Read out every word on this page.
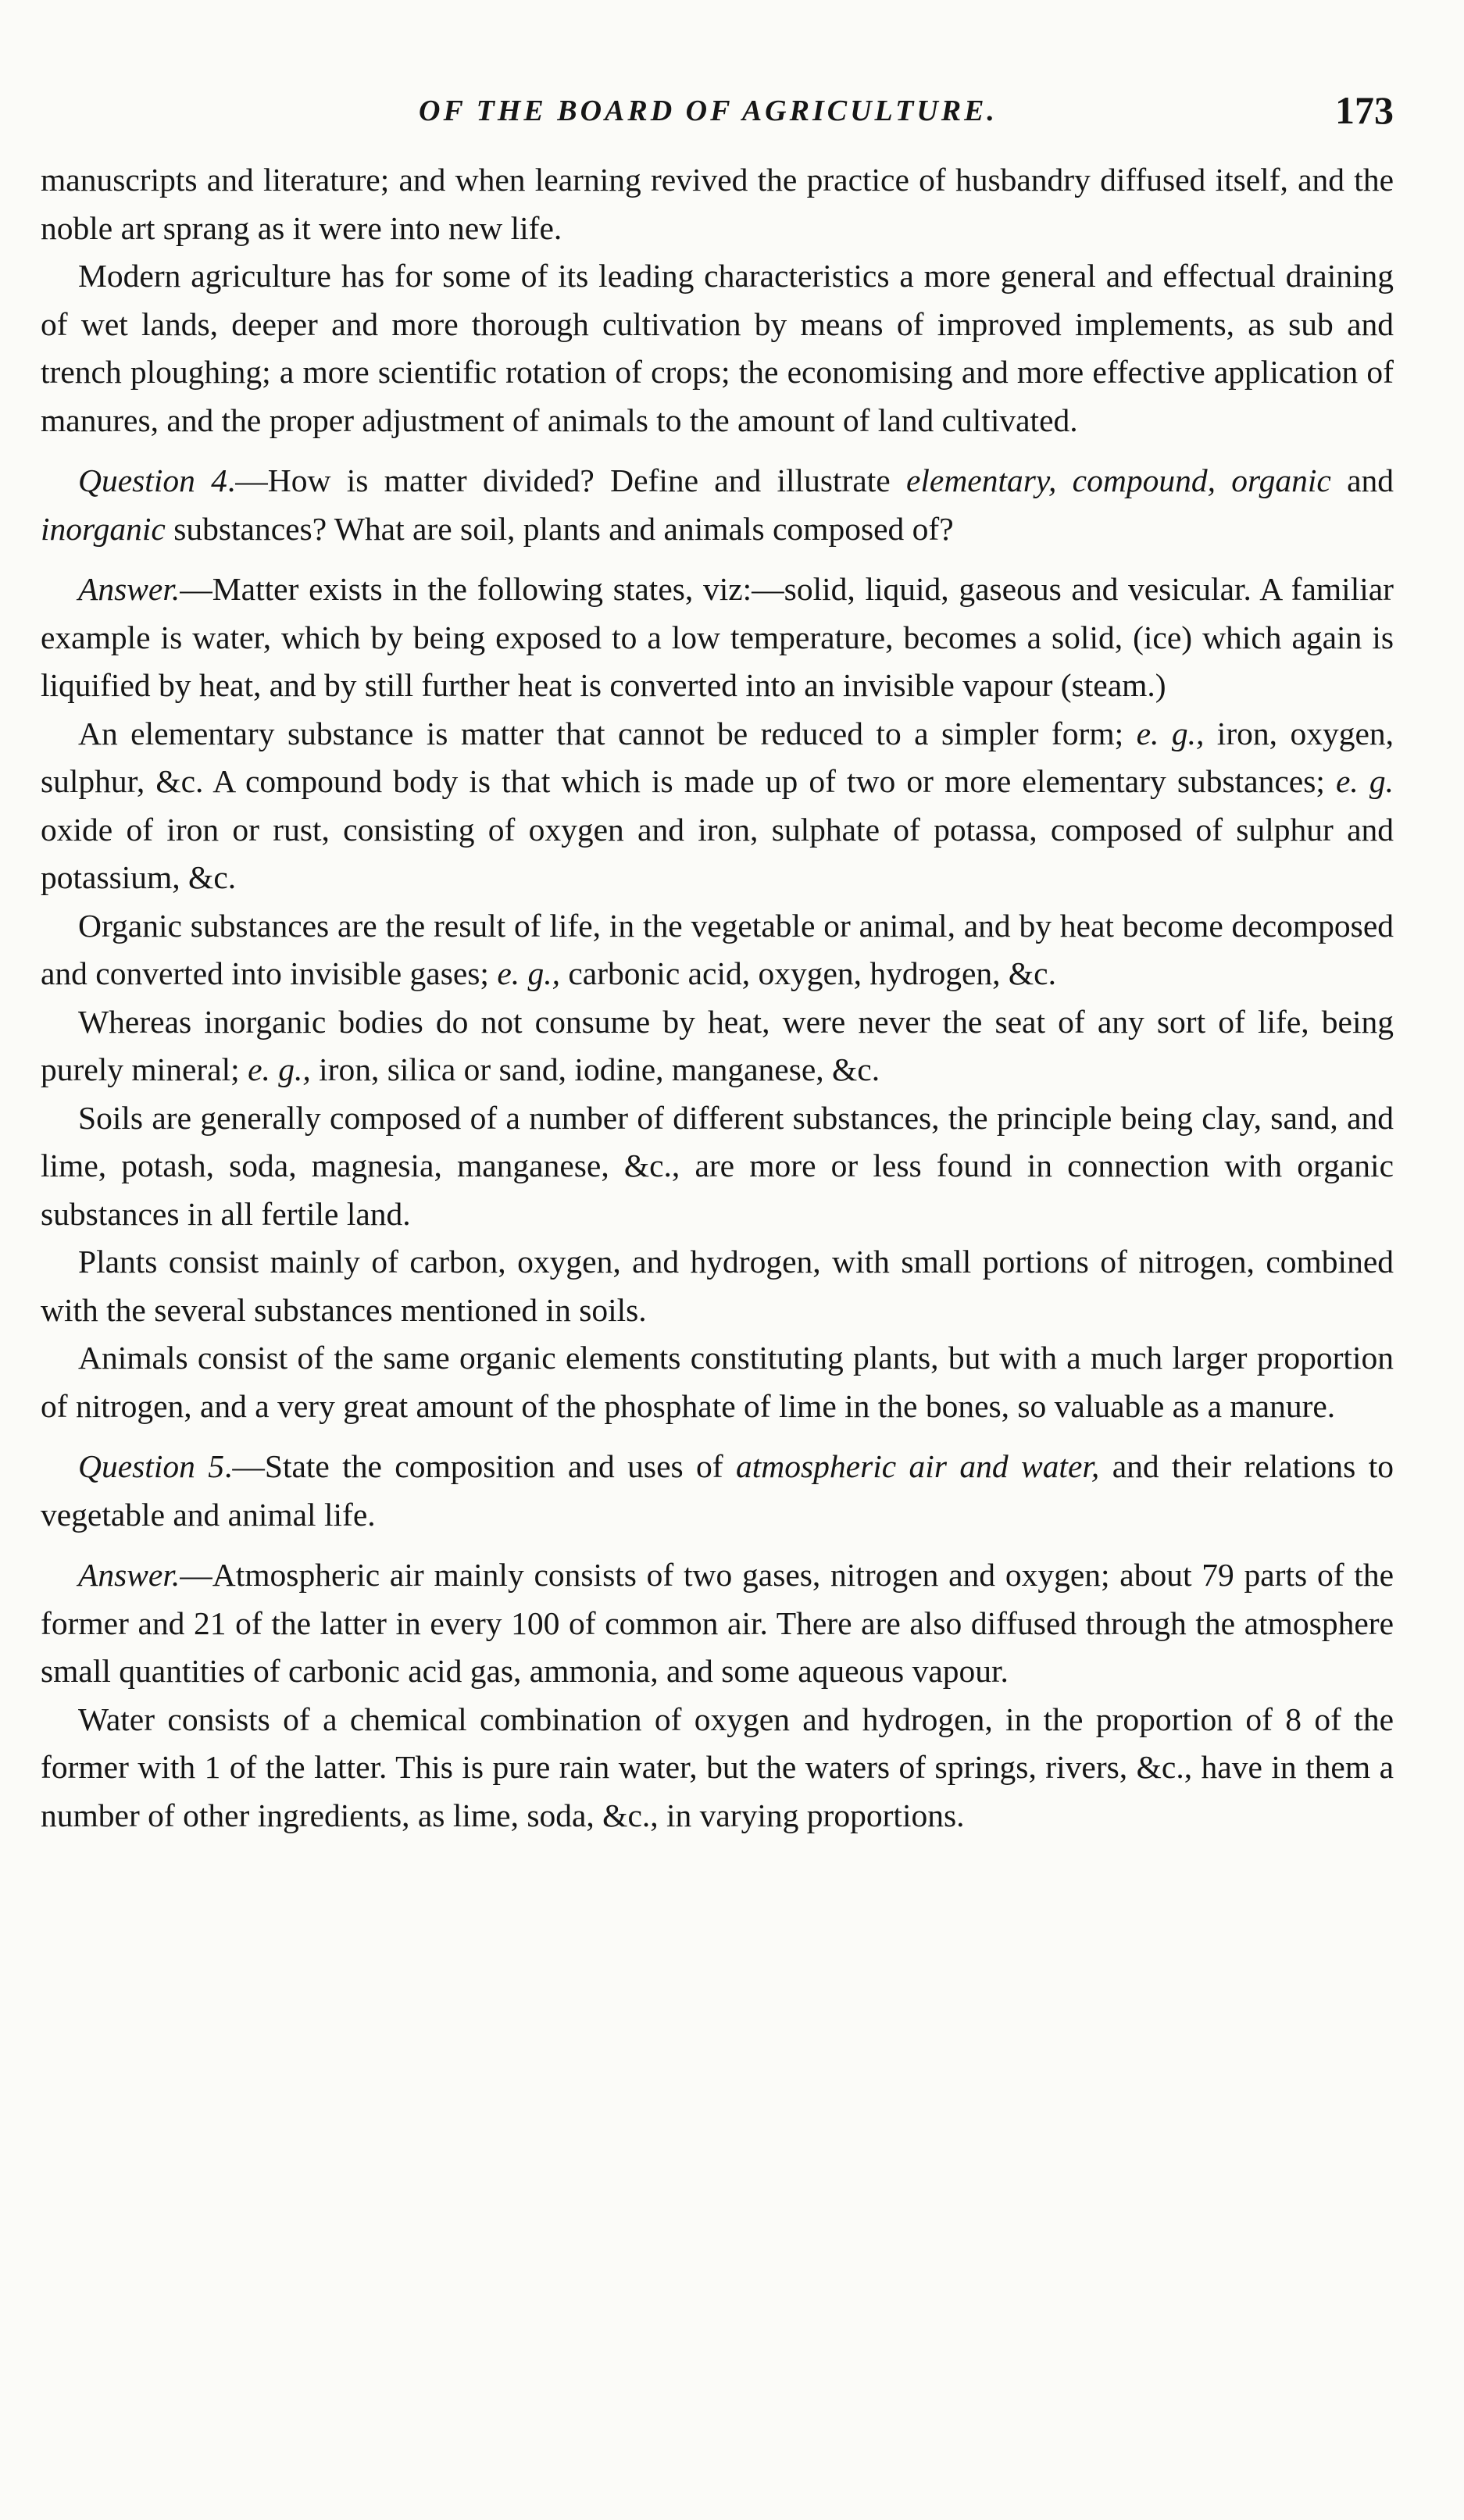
OF THE BOARD OF AGRICULTURE.	173

manuscripts and literature; and when learning revived the practice of husbandry diffused itself, and the noble art sprang as it were into new life.

Modern agriculture has for some of its leading characteristics a more general and effectual draining of wet lands, deeper and more thorough cultivation by means of improved implements, as sub and trench ploughing; a more scientific rotation of crops; the economising and more effective application of manures, and the proper adjustment of animals to the amount of land cultivated.

Question 4.—How is matter divided? Define and illustrate elementary, compound, organic and inorganic substances? What are soil, plants and animals composed of?

Answer.—Matter exists in the following states, viz:—solid, liquid, gaseous and vesicular. A familiar example is water, which by being exposed to a low temperature, becomes a solid, (ice) which again is liquified by heat, and by still further heat is converted into an invisible vapour (steam.)

An elementary substance is matter that cannot be reduced to a simpler form; e. g., iron, oxygen, sulphur, &c. A compound body is that which is made up of two or more elementary substances; e. g. oxide of iron or rust, consisting of oxygen and iron, sulphate of potassa, composed of sulphur and potassium, &c.

Organic substances are the result of life, in the vegetable or animal, and by heat become decomposed and converted into invisible gases; e. g., carbonic acid, oxygen, hydrogen, &c.

Whereas inorganic bodies do not consume by heat, were never the seat of any sort of life, being purely mineral; e. g., iron, silica or sand, iodine, manganese, &c.

Soils are generally composed of a number of different substances, the principle being clay, sand, and lime, potash, soda, magnesia, manganese, &c., are more or less found in connection with organic substances in all fertile land.

Plants consist mainly of carbon, oxygen, and hydrogen, with small portions of nitrogen, combined with the several substances mentioned in soils.

Animals consist of the same organic elements constituting plants, but with a much larger proportion of nitrogen, and a very great amount of the phosphate of lime in the bones, so valuable as a manure.

Question 5.—State the composition and uses of atmospheric air and water, and their relations to vegetable and animal life.

Answer.—Atmospheric air mainly consists of two gases, nitrogen and oxygen; about 79 parts of the former and 21 of the latter in every 100 of common air. There are also diffused through the atmosphere small quantities of carbonic acid gas, ammonia, and some aqueous vapour.

Water consists of a chemical combination of oxygen and hydrogen, in the proportion of 8 of the former with 1 of the latter. This is pure rain water, but the waters of springs, rivers, &c., have in them a number of other ingredients, as lime, soda, &c., in varying proportions.
